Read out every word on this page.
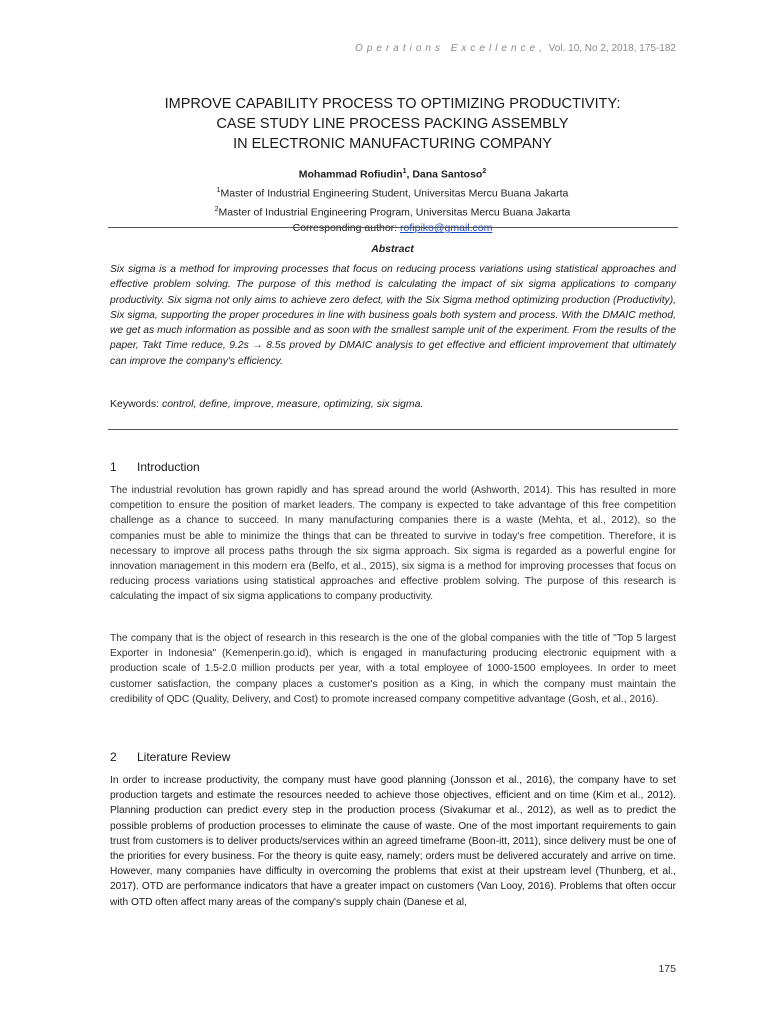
Operations Excellence, Vol. 10, No 2, 2018, 175-182
IMPROVE CAPABILITY PROCESS TO OPTIMIZING PRODUCTIVITY:
CASE STUDY LINE PROCESS PACKING ASSEMBLY
IN ELECTRONIC MANUFACTURING COMPANY
Mohammad Rofiudin$^1$, Dana Santoso$^2$
$^1$Master of Industrial Engineering Student, Universitas Mercu Buana Jakarta
$^2$Master of Industrial Engineering Program, Universitas Mercu Buana Jakarta
Corresponding author: rofipiko@gmail.com
Abstract
Six sigma is a method for improving processes that focus on reducing process variations using statistical approaches and effective problem solving. The purpose of this method is calculating the impact of six sigma applications to company productivity. Six sigma not only aims to achieve zero defect, with the Six Sigma method optimizing production (Productivity), Six sigma, supporting the proper procedures in line with business goals both system and process. With the DMAIC method, we get as much information as possible and as soon with the smallest sample unit of the experiment. From the results of the paper, Takt Time reduce, 9.2s → 8.5s proved by DMAIC analysis to get effective and efficient improvement that ultimately can improve the company's efficiency.
Keywords: control, define, improve, measure, optimizing, six sigma.
1 Introduction
The industrial revolution has grown rapidly and has spread around the world (Ashworth, 2014). This has resulted in more competition to ensure the position of market leaders. The company is expected to take advantage of this free competition challenge as a chance to succeed. In many manufacturing companies there is a waste (Mehta, et al., 2012), so the companies must be able to minimize the things that can be threated to survive in today's free competition. Therefore, it is necessary to improve all process paths through the six sigma approach. Six sigma is regarded as a powerful engine for innovation management in this modern era (Belfo, et al., 2015), six sigma is a method for improving processes that focus on reducing process variations using statistical approaches and effective problem solving. The purpose of this research is calculating the impact of six sigma applications to company productivity.
The company that is the object of research in this research is the one of the global companies with the title of "Top 5 largest Exporter in Indonesia" (Kemenperin.go.id), which is engaged in manufacturing producing electronic equipment with a production scale of 1.5-2.0 million products per year, with a total employee of 1000-1500 employees. In order to meet customer satisfaction, the company places a customer's position as a King, in which the company must maintain the credibility of QDC (Quality, Delivery, and Cost) to promote increased company competitive advantage (Gosh, et al., 2016).
2 Literature Review
In order to increase productivity, the company must have good planning (Jonsson et al., 2016), the company have to set production targets and estimate the resources needed to achieve those objectives, efficient and on time (Kim et al., 2012). Planning production can predict every step in the production process (Sivakumar et al., 2012), as well as to predict the possible problems of production processes to eliminate the cause of waste. One of the most important requirements to gain trust from customers is to deliver products/services within an agreed timeframe (Boon-itt, 2011), since delivery must be one of the priorities for every business. For the theory is quite easy, namely; orders must be delivered accurately and arrive on time. However, many companies have difficulty in overcoming the problems that exist at their upstream level (Thunberg, et al., 2017). OTD are performance indicators that have a greater impact on customers (Van Looy, 2016). Problems that often occur with OTD often affect many areas of the company's supply chain (Danese et al,
175
